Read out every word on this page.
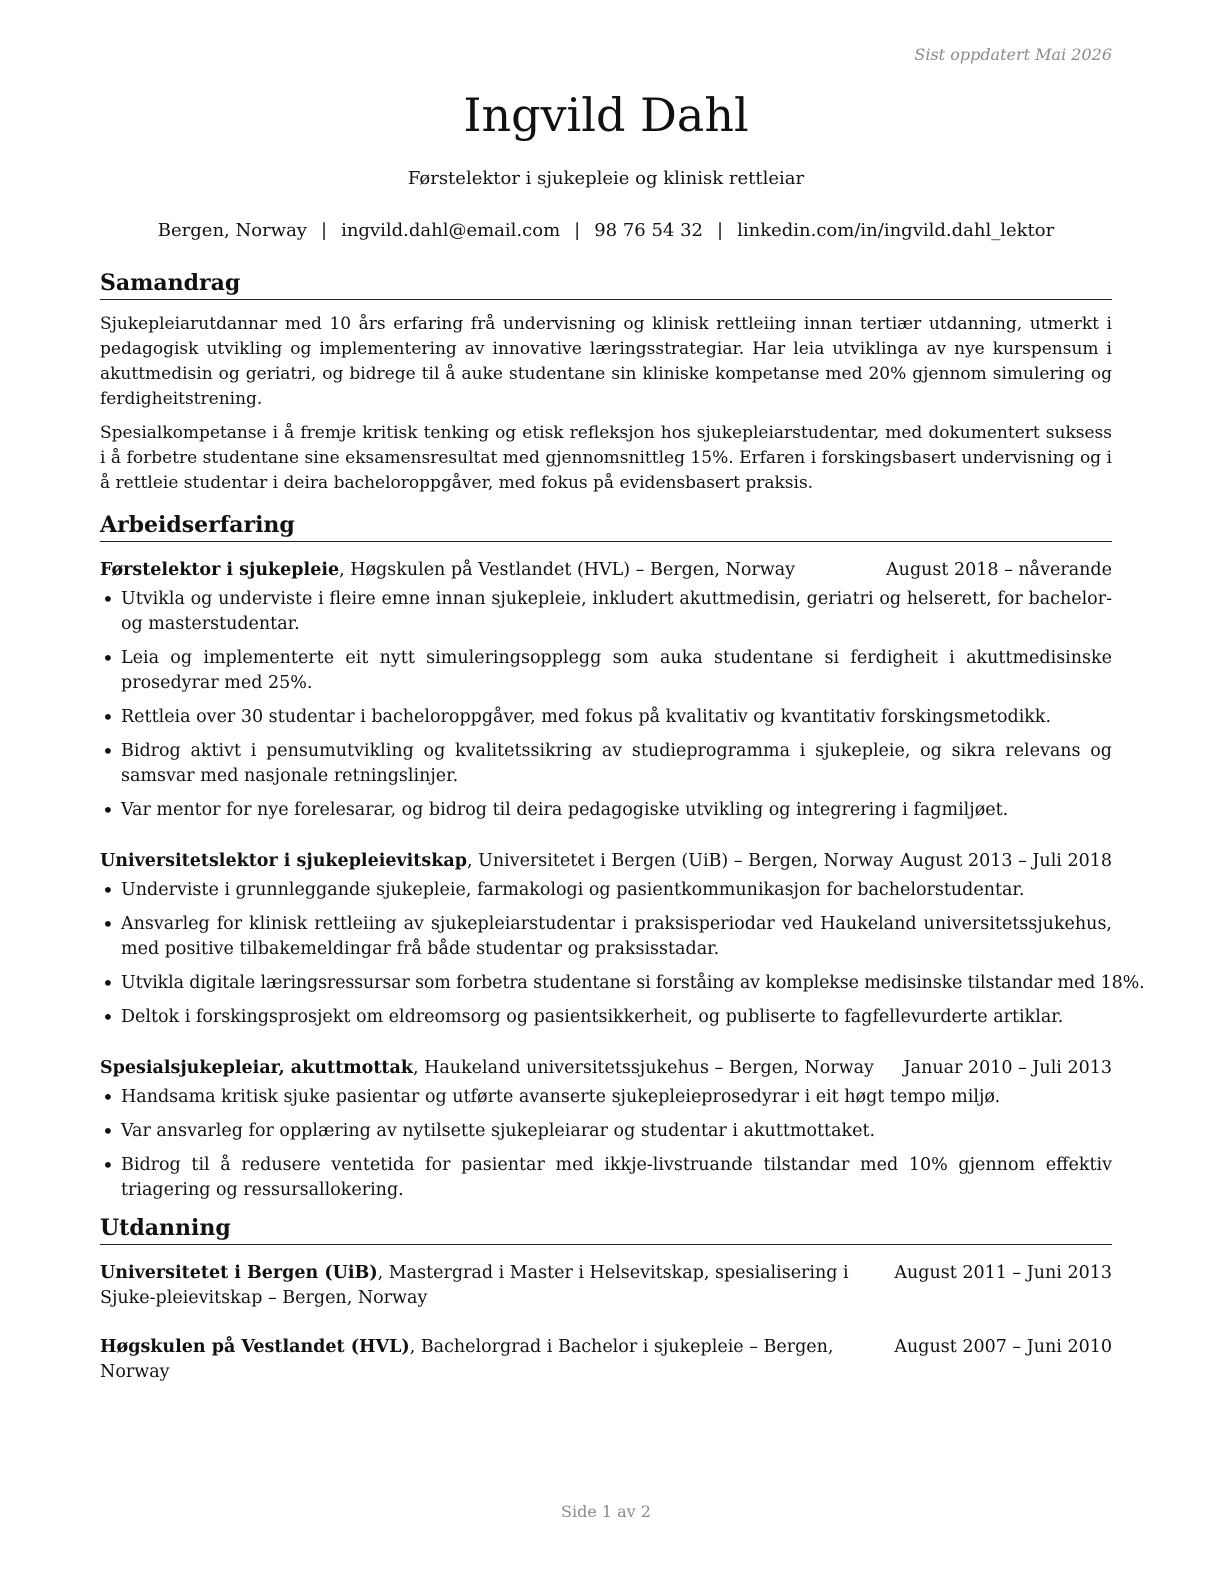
Sist oppdatert Mai 2026
Ingvild Dahl
Førstelektor i sjukepleie og klinisk rettleiar
Bergen, Norway | ingvild.dahl@email.com | 98 76 54 32 | linkedin.com/in/ingvild.dahl_lektor
Samandrag

Sjukepleiarutdannar med 10 års erfaring frå undervisning og klinisk rettleiing innan tertiær utdanning, utmerkt i pedagogisk utvikling og implementering av innovative læringsstrategiar. Har leia utviklinga av nye kurspensum i akuttmedisin og geriatri, og bidrege til å auke studentane sin kliniske kompetanse med 20% gjennom simulering og ferdigheitstrening.

Spesialkompetanse i å fremje kritisk tenking og etisk refleksjon hos sjukepleiarstudentar, med dokumentert suksess i å forbetre studentane sine eksamensresultat med gjennomsnittleg 15%. Erfaren i forskingsbasert undervisning og i å rettleie studentar i deira bacheloroppgåver, med fokus på evidensbasert praksis.

Arbeidserfaring
Førstelektor i sjukepleie, Høgskulen på Vestlandet (HVL) – Bergen, Norway	August 2018 – nåverande
• Utvikla og underviste i fleire emne innan sjukepleie, inkludert akuttmedisin, geriatri og helserett, for bachelor- og masterstudentar.
• Leia og implementerte eit nytt simuleringsopplegg som auka studentane si ferdigheit i akuttmedisinske prosedyrar med 25%.
• Rettleia over 30 studentar i bacheloroppgåver, med fokus på kvalitativ og kvantitativ forskingsmetodikk.
• Bidrog aktivt i pensumutvikling og kvalitetssikring av studieprogramma i sjukepleie, og sikra relevans og samsvar med nasjonale retningslinjer.
• Var mentor for nye forelesarar, og bidrog til deira pedagogiske utvikling og integrering i fagmiljøet.
Universitetslektor i sjukepleievitskap, Universitetet i Bergen (UiB) – Bergen, Norway August 2013 – Juli 2018
• Underviste i grunnleggande sjukepleie, farmakologi og pasientkommunikasjon for bachelorstudentar.
• Ansvarleg for klinisk rettleiing av sjukepleiarstudentar i praksisperiodar ved Haukeland universitetssjukehus, med positive tilbakemeldingar frå både studentar og praksisstadar.
• Utvikla digitale læringsressursar som forbetra studentane si forståing av komplekse medisinske tilstandar med 18%.
• Deltok i forskingsprosjekt om eldreomsorg og pasientsikkerheit, og publiserte to fagfellevurderte artiklar.
Spesialsjukepleiar, akuttmottak, Haukeland universitetssjukehus – Bergen, Norway Januar 2010 – Juli 2013
• Handsama kritisk sjuke pasientar og utførte avanserte sjukepleieprosedyrar i eit høgt tempo miljø.
• Var ansvarleg for opplæring av nytilsette sjukepleiarar og studentar i akuttmottaket.
• Bidrog til å redusere ventetida for pasientar med ikkje-livstruande tilstandar med 10% gjennom effektiv triagering og ressursallokering.
Utdanning
Universitetet i Bergen (UiB), Mastergrad i Master i Helsevitskap, spesialisering i Sjuke-pleievitskap – Bergen, Norway
August 2011 – Juni 2013
Høgskulen på Vestlandet (HVL), Bachelorgrad i Bachelor i sjukepleie – Bergen, Norway
August 2007 – Juni 2010
Side 1 av 2
